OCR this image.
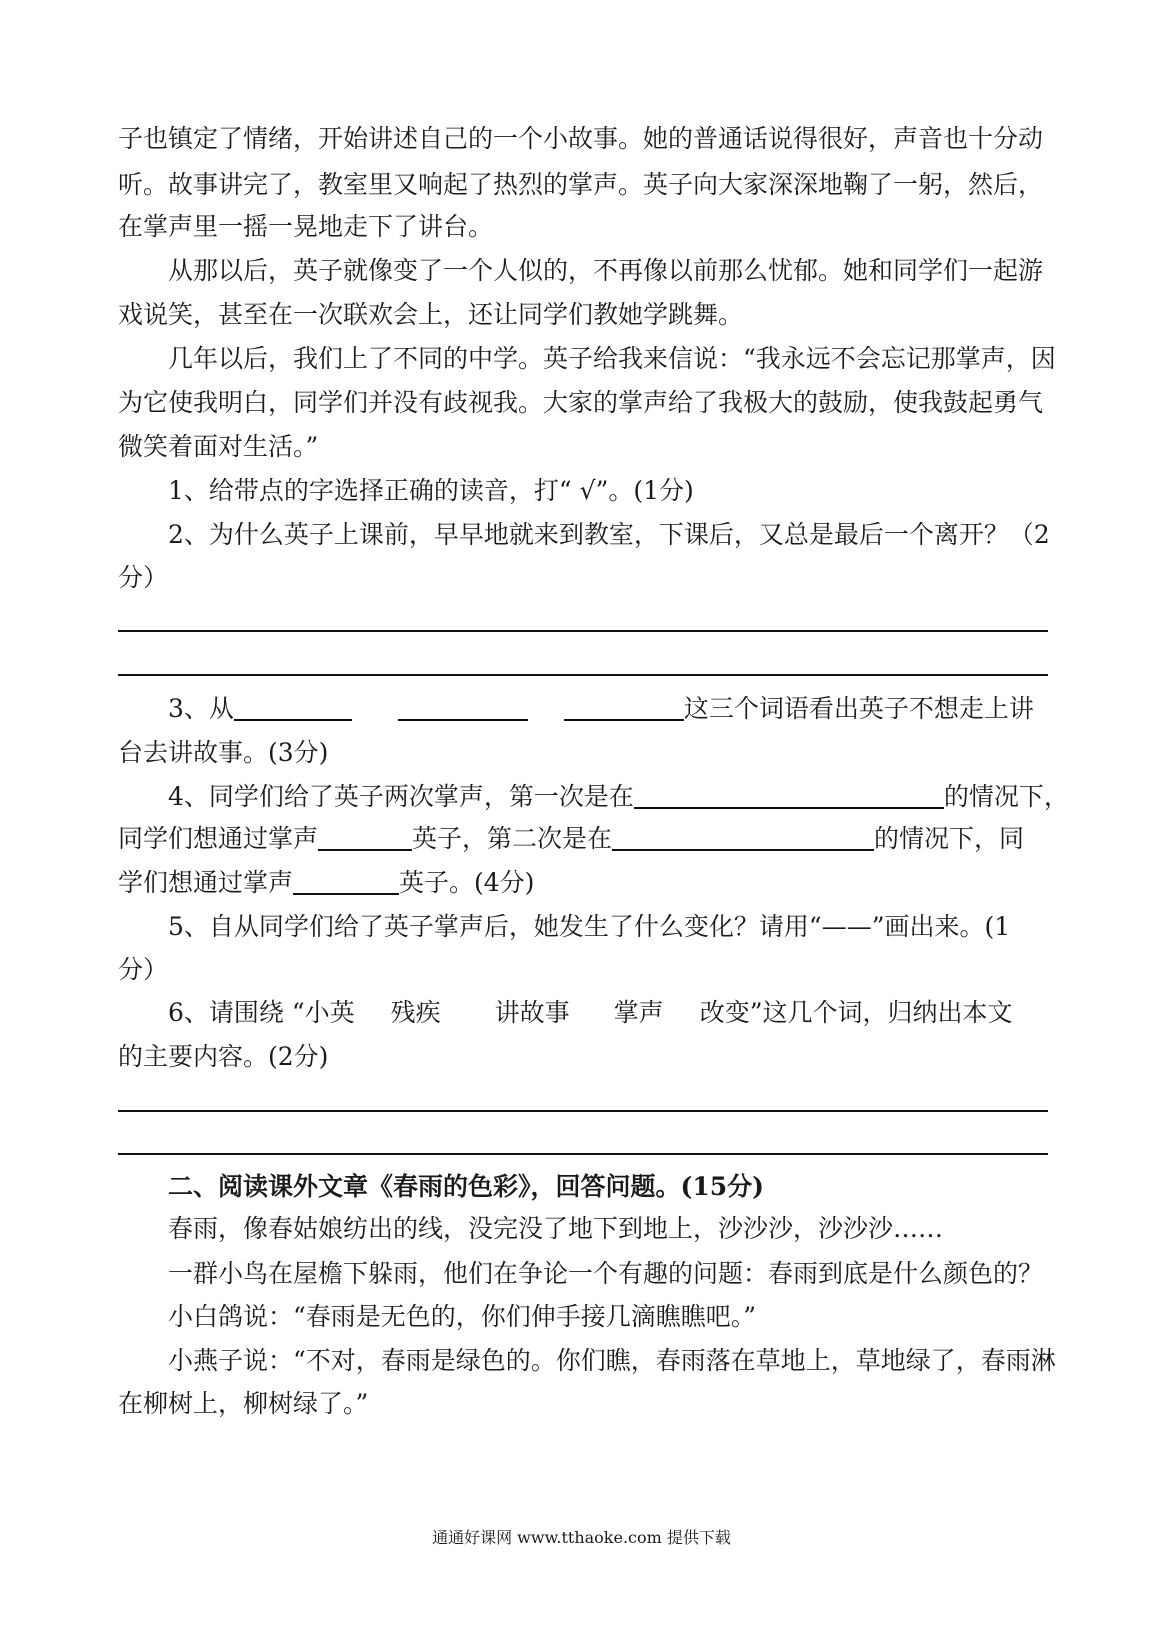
子也镇定了情绪，开始讲述自己的一个小故事。她的普通话说得很好，声音也十分动
听。故事讲完了，教室里又响起了热烈的掌声。英子向大家深深地鞠了一躬，然后，
在掌声里一摇一晃地走下了讲台。
从那以后，英子就像变了一个人似的，不再像以前那么忧郁。她和同学们一起游
戏说笑，甚至在一次联欢会上，还让同学们教她学跳舞。
几年以后，我们上了不同的中学。英子给我来信说：“我永远不会忘记那掌声，因
为它使我明白，同学们并没有歧视我。大家的掌声给了我极大的鼓励，使我鼓起勇气
微笑着面对生活。”
1、给带点的字选择正确的读音，打“ √”。(1分)
2、为什么英子上课前，早早地就来到教室，下课后，又总是最后一个离开？（2
分）
3、从	这三个词语看出英子不想走上讲
台去讲故事。(3分)
4、同学们给了英子两次掌声，第一次是在	的情况下，
同学们想通过掌声	英子，第二次是在	的情况下，同
学们想通过掌声	英子。(4分)
5、自从同学们给了英子掌声后，她发生了什么变化？请用“——”画出来。(1
分）
6、请围绕 “小英 残疾 讲故事 掌声 改变”这几个词，归纳出本文
的主要内容。(2分)
二、阅读课外文章《春雨的色彩》，回答问题。(15分)
春雨，像春姑娘纺出的线，没完没了地下到地上，沙沙沙，沙沙沙……
一群小鸟在屋檐下躲雨，他们在争论一个有趣的问题：春雨到底是什么颜色的？
小白鸽说：“春雨是无色的，你们伸手接几滴瞧瞧吧。”
小燕子说：“不对，春雨是绿色的。你们瞧，春雨落在草地上，草地绿了，春雨淋
在柳树上，柳树绿了。”
通通好课网 www.tthaoke.com 提供下载
